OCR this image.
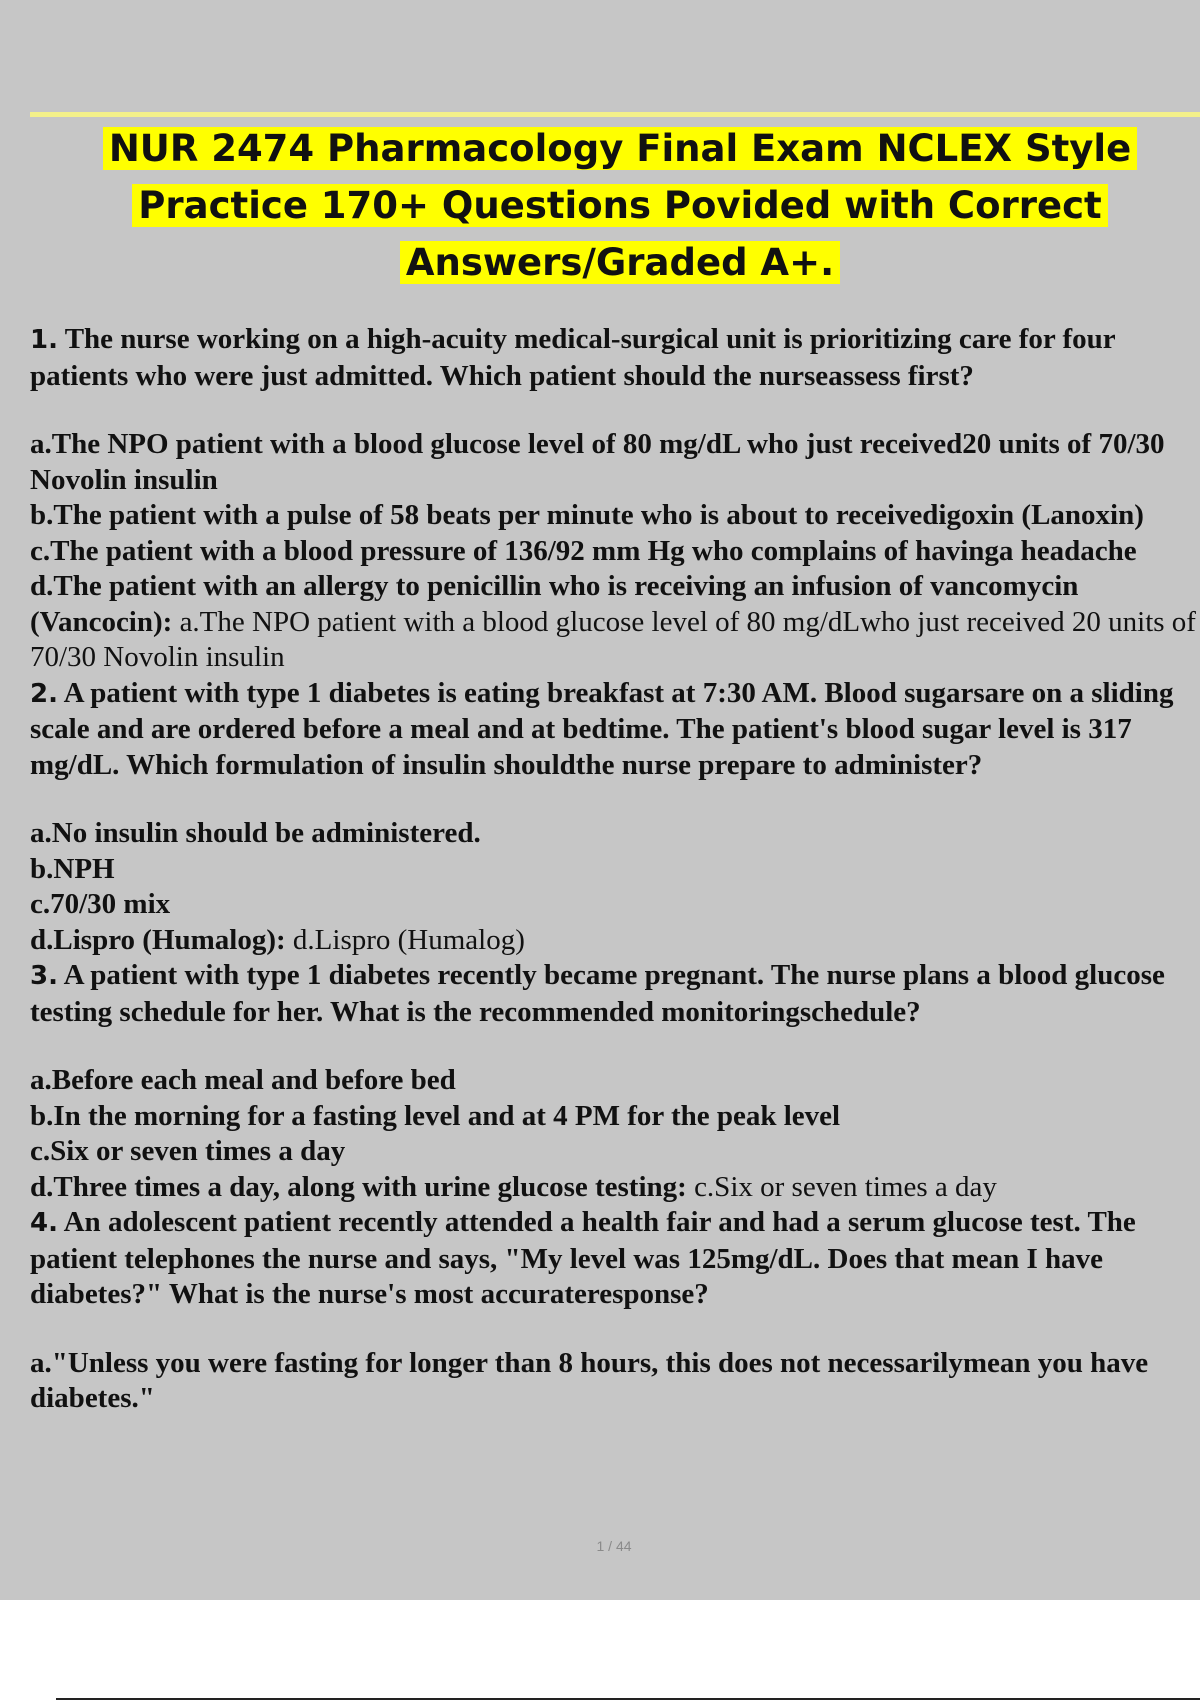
NUR 2474 Pharmacology Final Exam NCLEX Style Practice 170+ Questions Povided with Correct Answers/Graded A+.

1. The nurse working on a high-acuity medical-surgical unit is prioritizing care for four patients who were just admitted. Which patient should the nurseassess first?

a.The NPO patient with a blood glucose level of 80 mg/dL who just received20 units of 70/30 Novolin insulin

b.The patient with a pulse of 58 beats per minute who is about to receivedigoxin (Lanoxin)

c.The patient with a blood pressure of 136/92 mm Hg who complains of havinga headache

d.The patient with an allergy to penicillin who is receiving an infusion of vancomycin (Vancocin): a.The NPO patient with a blood glucose level of 80 mg/dLwho just received 20 units of 70/30 Novolin insulin

2. A patient with type 1 diabetes is eating breakfast at 7:30 AM. Blood sugarsare on a sliding scale and are ordered before a meal and at bedtime. The patient's blood sugar level is 317 mg/dL. Which formulation of insulin shouldthe nurse prepare to administer?

a.No insulin should be administered.

b.NPH

c.70/30 mix

d.Lispro (Humalog): d.Lispro (Humalog)

3. A patient with type 1 diabetes recently became pregnant. The nurse plans a blood glucose testing schedule for her. What is the recommended monitoringschedule?

a.Before each meal and before bed

b.In the morning for a fasting level and at 4 PM for the peak level

c.Six or seven times a day

d.Three times a day, along with urine glucose testing: c.Six or seven times a day

4. An adolescent patient recently attended a health fair and had a serum glucose test. The patient telephones the nurse and says, "My level was 125mg/dL. Does that mean I have diabetes?" What is the nurse's most accurateresponse?

a."Unless you were fasting for longer than 8 hours, this does not necessarilymean you have diabetes."

1 / 44
